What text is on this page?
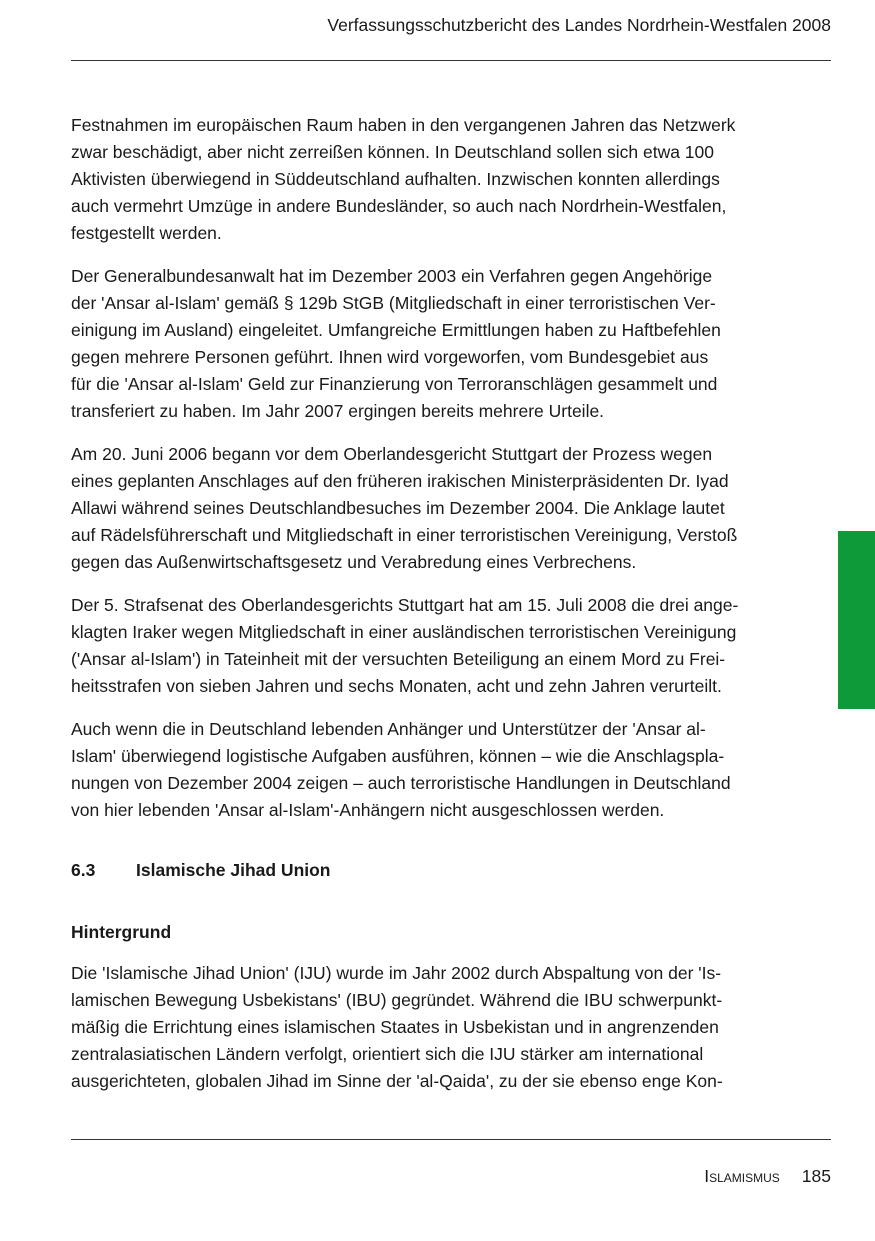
Verfassungsschutzbericht des Landes Nordrhein-Westfalen 2008

Festnahmen im europäischen Raum haben in den vergangenen Jahren das Netzwerk
zwar beschädigt, aber nicht zerreißen können. In Deutschland sollen sich etwa 100
Aktivisten überwiegend in Süddeutschland aufhalten. Inzwischen konnten allerdings
auch vermehrt Umzüge in andere Bundesländer, so auch nach Nordrhein-Westfalen,
festgestellt werden.

Der Generalbundesanwalt hat im Dezember 2003 ein Verfahren gegen Angehörige
der 'Ansar al-Islam' gemäß § 129b StGB (Mitgliedschaft in einer terroristischen Ver-
einigung im Ausland) eingeleitet. Umfangreiche Ermittlungen haben zu Haftbefehlen
gegen mehrere Personen geführt. Ihnen wird vorgeworfen, vom Bundesgebiet aus
für die 'Ansar al-Islam' Geld zur Finanzierung von Terroranschlägen gesammelt und
transferiert zu haben. Im Jahr 2007 ergingen bereits mehrere Urteile.

Am 20. Juni 2006 begann vor dem Oberlandesgericht Stuttgart der Prozess wegen
eines geplanten Anschlages auf den früheren irakischen Ministerpräsidenten Dr. Iyad
Allawi während seines Deutschlandbesuches im Dezember 2004. Die Anklage lautet
auf Rädelsführerschaft und Mitgliedschaft in einer terroristischen Vereinigung, Verstoß
gegen das Außenwirtschaftsgesetz und Verabredung eines Verbrechens.

Der 5. Strafsenat des Oberlandesgerichts Stuttgart hat am 15. Juli 2008 die drei ange-
klagten Iraker wegen Mitgliedschaft in einer ausländischen terroristischen Vereinigung
('Ansar al-Islam') in Tateinheit mit der versuchten Beteiligung an einem Mord zu Frei-
heitsstrafen von sieben Jahren und sechs Monaten, acht und zehn Jahren verurteilt.

Auch wenn die in Deutschland lebenden Anhänger und Unterstützer der 'Ansar al-
Islam' überwiegend logistische Aufgaben ausführen, können – wie die Anschlagspla-
nungen von Dezember 2004 zeigen – auch terroristische Handlungen in Deutschland
von hier lebenden 'Ansar al-Islam'-Anhängern nicht ausgeschlossen werden.

6.3 Islamische Jihad Union
Hintergrund

Die 'Islamische Jihad Union' (IJU) wurde im Jahr 2002 durch Abspaltung von der 'Is-
lamischen Bewegung Usbekistans' (IBU) gegründet. Während die IBU schwerpunkt-
mäßig die Errichtung eines islamischen Staates in Usbekistan und in angrenzenden
zentralasiatischen Ländern verfolgt, orientiert sich die IJU stärker am international
ausgerichteten, globalen Jihad im Sinne der 'al-Qaida', zu der sie ebenso enge Kon-

Islamismus 185
